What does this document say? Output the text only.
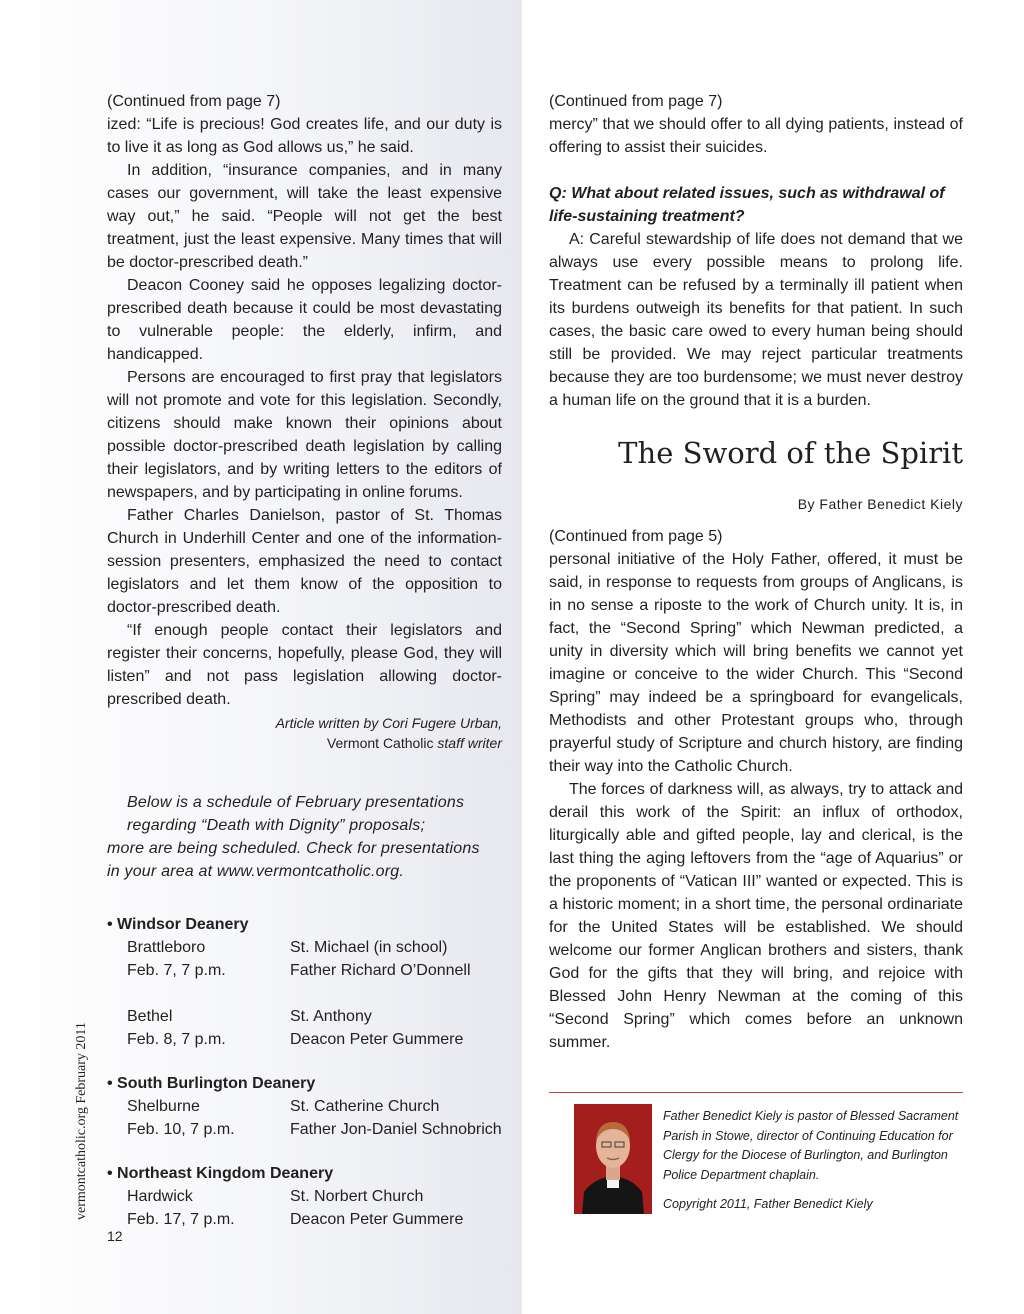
(Continued from page 7)

ized: “Life is precious! God creates life, and our duty is to live it as long as God allows us,” he said.

In addition, “insurance companies, and in many cases our government, will take the least expensive way out,” he said. “People will not get the best treatment, just the least expensive. Many times that will be doctor-prescribed death.”

Deacon Cooney said he opposes legalizing doctor-prescribed death because it could be most devastating to vulnerable people: the elderly, infirm, and handicapped.

Persons are encouraged to first pray that legislators will not promote and vote for this legislation. Secondly, citizens should make known their opinions about possible doctor-prescribed death legislation by calling their legislators, and by writing letters to the editors of newspapers, and by participating in online forums.

Father Charles Danielson, pastor of St. Thomas Church in Underhill Center and one of the information-session presenters, emphasized the need to contact legislators and let them know of the opposition to doctor-prescribed death.

“If enough people contact their legislators and register their concerns, hopefully, please God, they will listen” and not pass legislation allowing doctor-prescribed death.

Article written by Cori Fugere Urban,
Vermont Catholic staff writer
Below is a schedule of February presentations
regarding “Death with Dignity” proposals;
more are being scheduled. Check for presentations
in your area at www.vermontcatholic.org.
• Windsor Deanery
Brattleboro	St. Michael (in school)
Feb. 7, 7 p.m.	Father Richard O’Donnell
Bethel	St. Anthony
Feb. 8, 7 p.m.	Deacon Peter Gummere
• South Burlington Deanery
Shelburne	St. Catherine Church
Feb. 10, 7 p.m.	Father Jon-Daniel Schnobrich
• Northeast Kingdom Deanery
Hardwick	St. Norbert Church
Feb. 17, 7 p.m.	Deacon Peter Gummere

(Continued from page 7)

mercy” that we should offer to all dying patients, instead of offering to assist their suicides.

Q: What about related issues, such as withdrawal of life-sustaining treatment?

A: Careful stewardship of life does not demand that we always use every possible means to prolong life. Treatment can be refused by a terminally ill patient when its burdens outweigh its benefits for that patient. In such cases, the basic care owed to every human being should still be provided. We may reject particular treatments because they are too burdensome; we must never destroy a human life on the ground that it is a burden.

The Sword of the Spirit
By Father Benedict Kiely

(Continued from page 5)

personal initiative of the Holy Father, offered, it must be said, in response to requests from groups of Anglicans, is in no sense a riposte to the work of Church unity. It is, in fact, the “Second Spring” which Newman predicted, a unity in diversity which will bring benefits we cannot yet imagine or conceive to the wider Church. This “Second Spring” may indeed be a springboard for evangelicals, Methodists and other Protestant groups who, through prayerful study of Scripture and church history, are finding their way into the Catholic Church.

The forces of darkness will, as always, try to attack and derail this work of the Spirit: an influx of orthodox, liturgically able and gifted people, lay and clerical, is the last thing the aging leftovers from the “age of Aquarius” or the proponents of “Vatican III” wanted or expected. This is a historic moment; in a short time, the personal ordinariate for the United States will be established. We should welcome our former Anglican brothers and sisters, thank God for the gifts that they will bring, and rejoice with Blessed John Henry Newman at the coming of this “Second Spring” which comes before an unknown summer.

Father Benedict Kiely is pastor of Blessed Sacrament Parish in Stowe, director of Continuing Education for Clergy for the Diocese of Burlington, and Burlington Police Department chaplain.
Copyright 2011, Father Benedict Kiely
vermontcatholic.org February 2011
12
